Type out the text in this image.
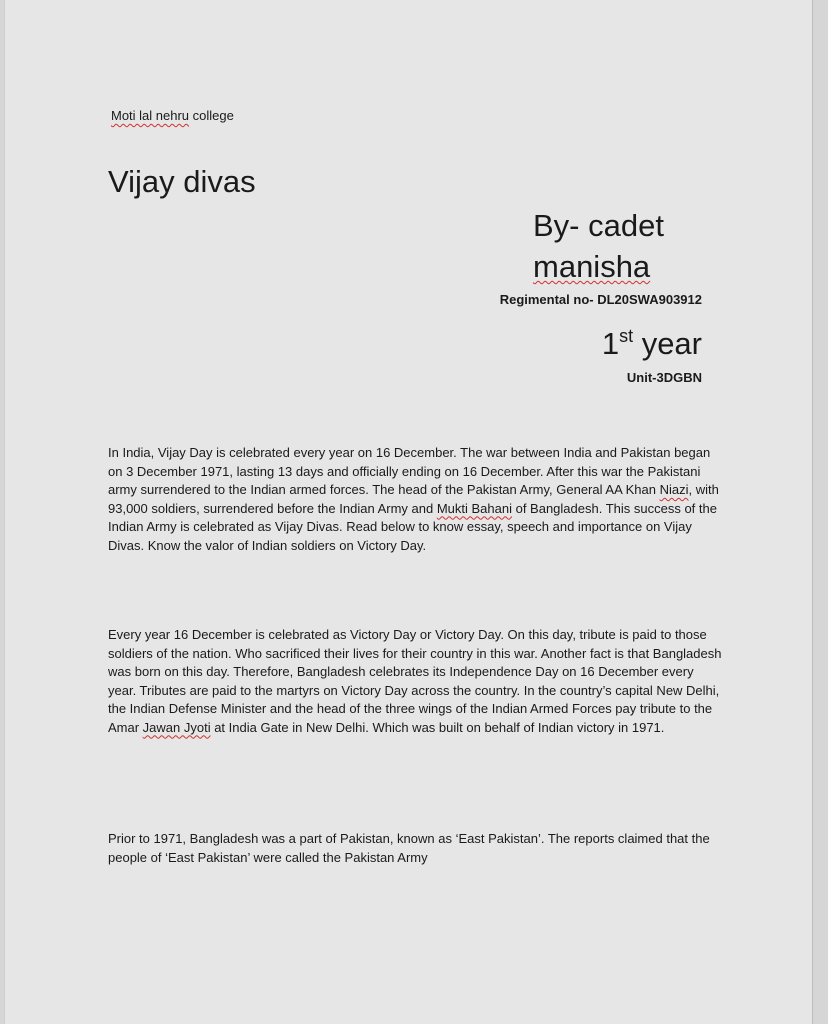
Moti lal nehru college
Vijay divas
By- cadet
manisha
Regimental no- DL20SWA903912
1st year
Unit-3DGBN

In India, Vijay Day is celebrated every year on 16 December. The war between India and Pakistan began on 3 December 1971, lasting 13 days and officially ending on 16 December. After this war the Pakistani army surrendered to the Indian armed forces. The head of the Pakistan Army, General AA Khan Niazi, with 93,000 soldiers, surrendered before the Indian Army and Mukti Bahani of Bangladesh. This success of the Indian Army is celebrated as Vijay Divas. Read below to know essay, speech and importance on Vijay Divas. Know the valor of Indian soldiers on Victory Day.

Every year 16 December is celebrated as Victory Day or Victory Day. On this day, tribute is paid to those soldiers of the nation. Who sacrificed their lives for their country in this war. Another fact is that Bangladesh was born on this day. Therefore, Bangladesh celebrates its Independence Day on 16 December every year. Tributes are paid to the martyrs on Victory Day across the country. In the country’s capital New Delhi, the Indian Defense Minister and the head of the three wings of the Indian Armed Forces pay tribute to the Amar Jawan Jyoti at India Gate in New Delhi. Which was built on behalf of Indian victory in 1971.

Prior to 1971, Bangladesh was a part of Pakistan, known as ‘East Pakistan’. The reports claimed that the people of ‘East Pakistan’ were called the Pakistan Army
